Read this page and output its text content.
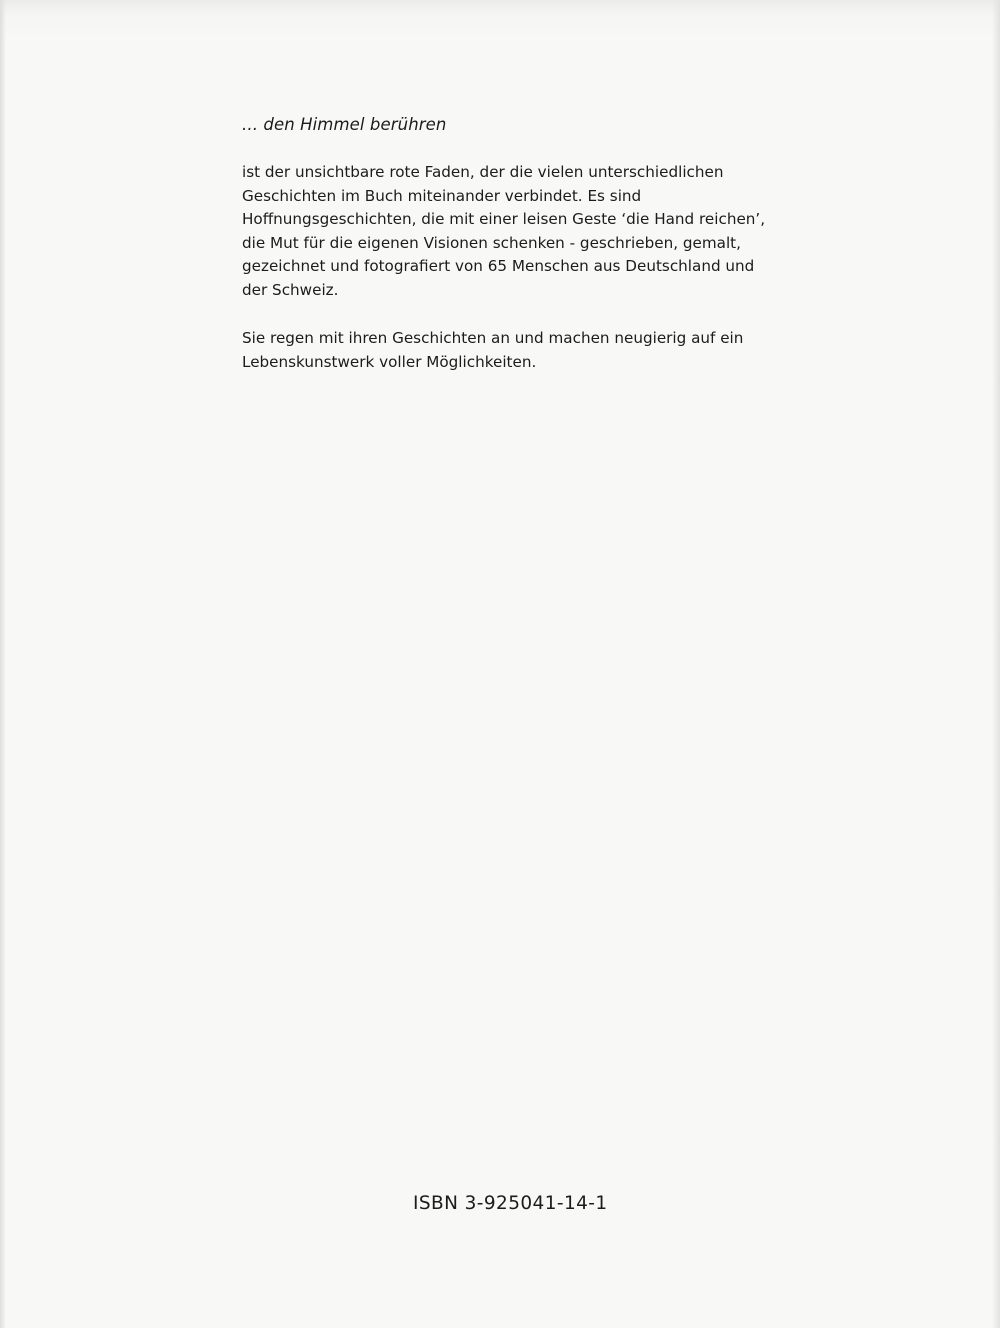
... den Himmel berühren

ist der unsichtbare rote Faden, der die vielen unterschiedlichen
Geschichten im Buch miteinander verbindet. Es sind
Hoffnungsgeschichten, die mit einer leisen Geste ‘die Hand reichen’,
die Mut für die eigenen Visionen schenken - geschrieben, gemalt,
gezeichnet und fotografiert von 65 Menschen aus Deutschland und
der Schweiz.

Sie regen mit ihren Geschichten an und machen neugierig auf ein
Lebenskunstwerk voller Möglichkeiten.

ISBN 3-925041-14-1
